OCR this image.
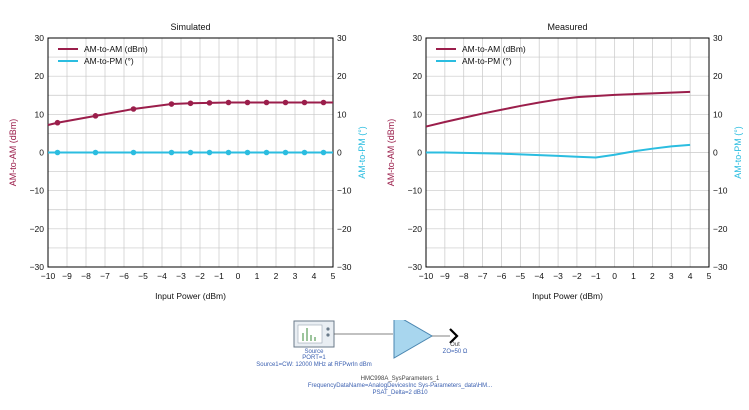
Simulated
−10 −9 −8 −7 −6 −5 −4 −3 −2 −1 0 1 2 3 4 5
−30	−30
−20	−20
−10	−10
0	0
10	10
20	20
30	30
Input Power (dBm)
AM-to-AM (dBm)	AM-to-PM (°)
AM-to-AM (dBm)
AM-to-PM (°)
Measured
−10 −9 −8 −7 −6 −5 −4 −3 −2 −1 0 1 2 3 4 5
−30	−30
−20	−20
−10	−10
0	0
10	10
20	20
30	30
Input Power (dBm)
AM-to-AM (dBm)	AM-to-PM (°)
AM-to-AM (dBm)
AM-to-PM (°)
Source
PORT=1
Source1=CW: 12000 MHz at RFPwrIn dBm
HMC998A_SysParameters_1
FrequencyDataName=AnalogDevicesInc Sys-Parameters_data\HM...
PSAT_Delta=2 dB10
Out
ZO=50 Ω
